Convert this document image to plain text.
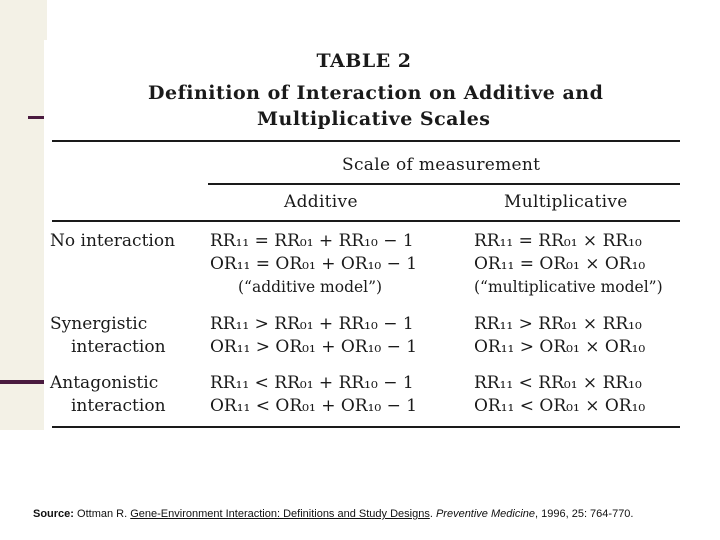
TABLE 2
Definition of Interaction on Additive and
Multiplicative Scales
Scale of measurement
Additive	Multiplicative
No interaction RR₁₁ = RR₀₁ + RR₁₀ − 1
OR₁₁ = OR₀₁ + OR₁₀ − 1
(“additive model”)
RR₁₁ = RR₀₁ × RR₁₀
OR₁₁ = OR₀₁ × OR₁₀
(“multiplicative model”)
Synergistic
interaction
RR₁₁ > RR₀₁ + RR₁₀ − 1
OR₁₁ > OR₀₁ + OR₁₀ − 1
RR₁₁ > RR₀₁ × RR₁₀
OR₁₁ > OR₀₁ × OR₁₀
Antagonistic
interaction
RR₁₁ < RR₀₁ + RR₁₀ − 1
OR₁₁ < OR₀₁ + OR₁₀ − 1
RR₁₁ < RR₀₁ × RR₁₀
OR₁₁ < OR₀₁ × OR₁₀
Source: Ottman R. Gene-Environment Interaction: Definitions and Study Designs. Preventive Medicine, 1996, 25: 764-770.
